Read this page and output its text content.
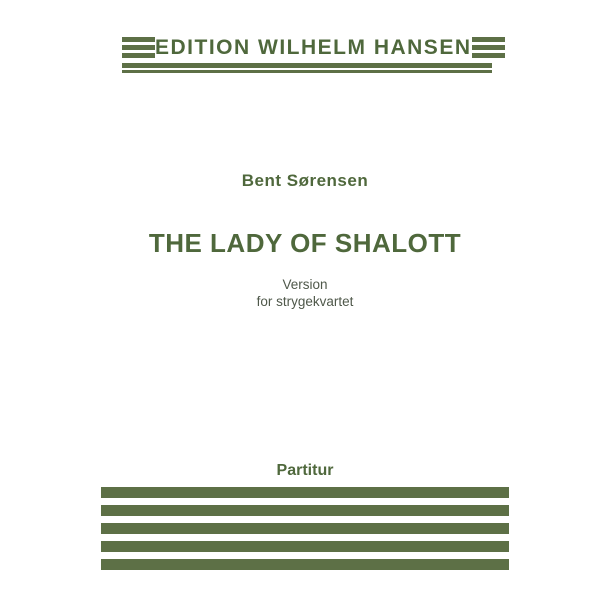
EDITION WILHELM HANSEN
Bent Sørensen
THE LADY OF SHALOTT
Version
for strygekvartet
Partitur
